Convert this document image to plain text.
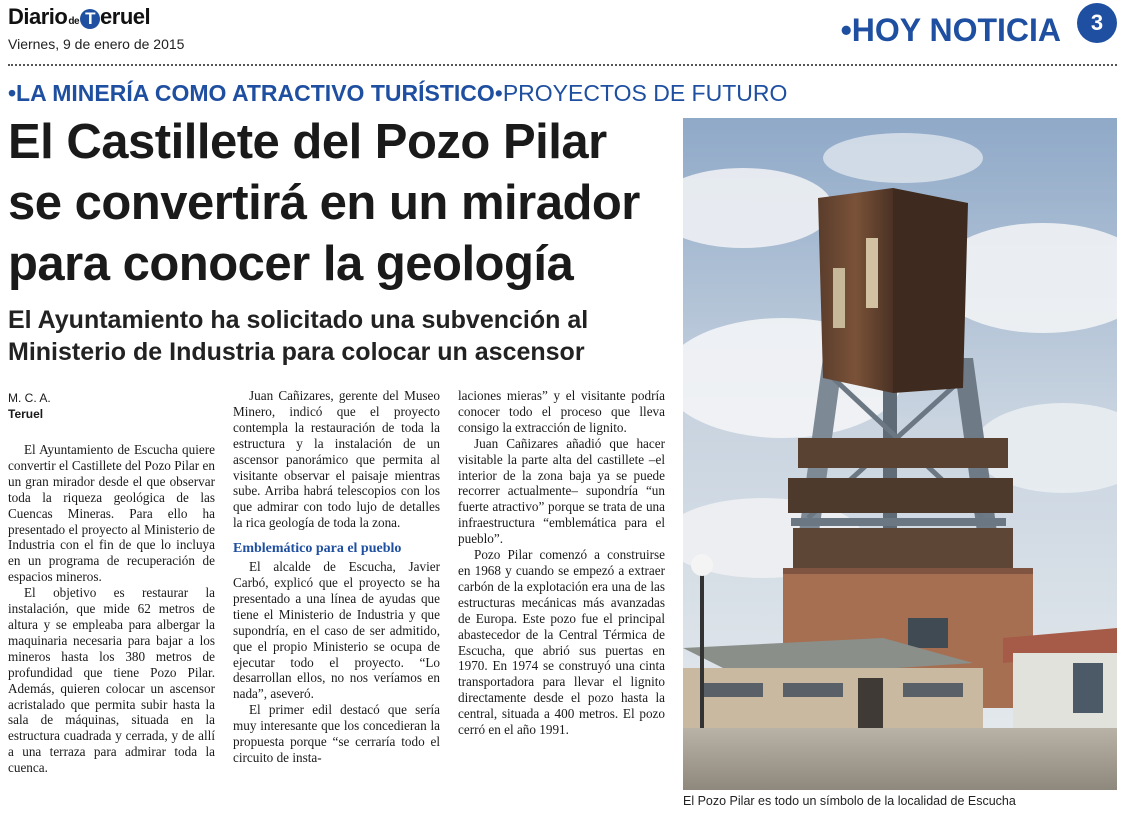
Diario de T eruel
Viernes, 9 de enero de 2015	•HOY NOTICIA	3
•LA MINERÍA COMO ATRACTIVO TURÍSTICO•PROYECTOS DE FUTURO
El Castillete del Pozo Pilar
se convertirá en un mirador
para conocer la geología
El Ayuntamiento ha solicitado una subvención al
Ministerio de Industria para colocar un ascensor
M. C. A.
Teruel

El Ayuntamiento de Escucha quiere convertir el Castillete del Pozo Pilar en un gran mirador desde el que observar toda la riqueza geológica de las Cuencas Mineras. Para ello ha presentado el proyecto al Ministerio de Industria con el fin de que lo incluya en un programa de recuperación de espacios mineros.

El objetivo es restaurar la instalación, que mide 62 metros de altura y se empleaba para albergar la maquinaria necesaria para bajar a los mineros hasta los 380 metros de profundidad que tiene Pozo Pilar. Además, quieren colocar un ascensor acristalado que permita subir hasta la sala de máquinas, situada en la estructura cuadrada y cerrada, y de allí a una terraza para admirar toda la cuenca.

Juan Cañizares, gerente del Museo Minero, indicó que el proyecto contempla la restauración de toda la estructura y la instalación de un ascensor panorámico que permita al visitante observar el paisaje mientras sube. Arriba habrá telescopios con los que admirar con todo lujo de detalles la rica geología de toda la zona.

Emblemático para el pueblo

El alcalde de Escucha, Javier Carbó, explicó que el proyecto se ha presentado a una línea de ayudas que tiene el Ministerio de Industria y que supondría, en el caso de ser admitido, que el propio Ministerio se ocupa de ejecutar todo el proyecto. “Lo desarrollan ellos, no nos veríamos en nada”, aseveró.

El primer edil destacó que sería muy interesante que los concedieran la propuesta porque “se cerraría todo el circuito de insta-

laciones mieras” y el visitante podría conocer todo el proceso que lleva consigo la extracción de lignito.

Juan Cañizares añadió que hacer visitable la parte alta del castillete –el interior de la zona baja ya se puede recorrer actualmente– supondría “un fuerte atractivo” porque se trata de una infraestructura “emblemática para el pueblo”.

Pozo Pilar comenzó a construirse en 1968 y cuando se empezó a extraer carbón de la explotación era una de las estructuras mecánicas más avanzadas de Europa. Este pozo fue el principal abastecedor de la Central Térmica de Escucha, que abrió sus puertas en 1970. En 1974 se construyó una cinta transportadora para llevar el lignito directamente desde el pozo hasta la central, situada a 400 metros. El pozo cerró en el año 1991.

El Pozo Pilar es todo un símbolo de la localidad de Escucha
